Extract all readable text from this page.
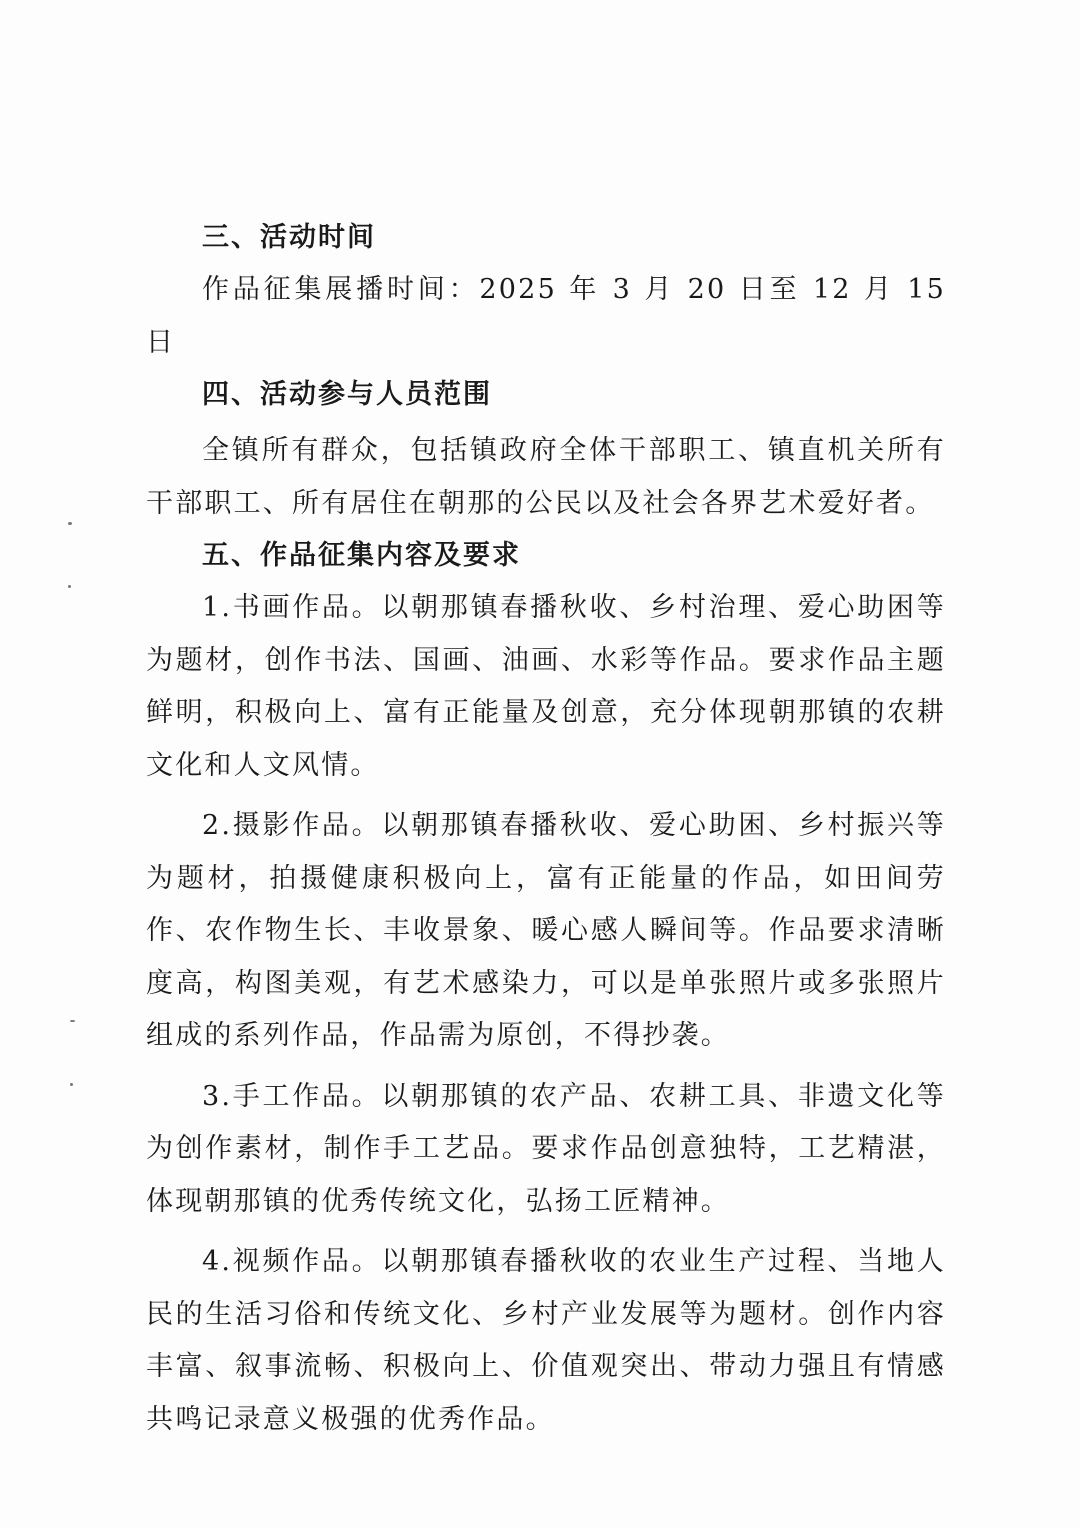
三、活动时间

作品征集展播时间：2025 年 3 月 20 日至 12 月 15 日

四、活动参与人员范围

全镇所有群众，包括镇政府全体干部职工、镇直机关所有干部职工、所有居住在朝那的公民以及社会各界艺术爱好者。

五、作品征集内容及要求

1.书画作品。以朝那镇春播秋收、乡村治理、爱心助困等为题材，创作书法、国画、油画、水彩等作品。要求作品主题鲜明，积极向上、富有正能量及创意，充分体现朝那镇的农耕文化和人文风情。

2.摄影作品。以朝那镇春播秋收、爱心助困、乡村振兴等为题材，拍摄健康积极向上，富有正能量的作品，如田间劳作、农作物生长、丰收景象、暖心感人瞬间等。作品要求清晰度高，构图美观，有艺术感染力，可以是单张照片或多张照片组成的系列作品，作品需为原创，不得抄袭。

3.手工作品。以朝那镇的农产品、农耕工具、非遗文化等为创作素材，制作手工艺品。要求作品创意独特，工艺精湛，体现朝那镇的优秀传统文化，弘扬工匠精神。

4.视频作品。以朝那镇春播秋收的农业生产过程、当地人民的生活习俗和传统文化、乡村产业发展等为题材。创作内容丰富、叙事流畅、积极向上、价值观突出、带动力强且有情感共鸣记录意义极强的优秀作品。
